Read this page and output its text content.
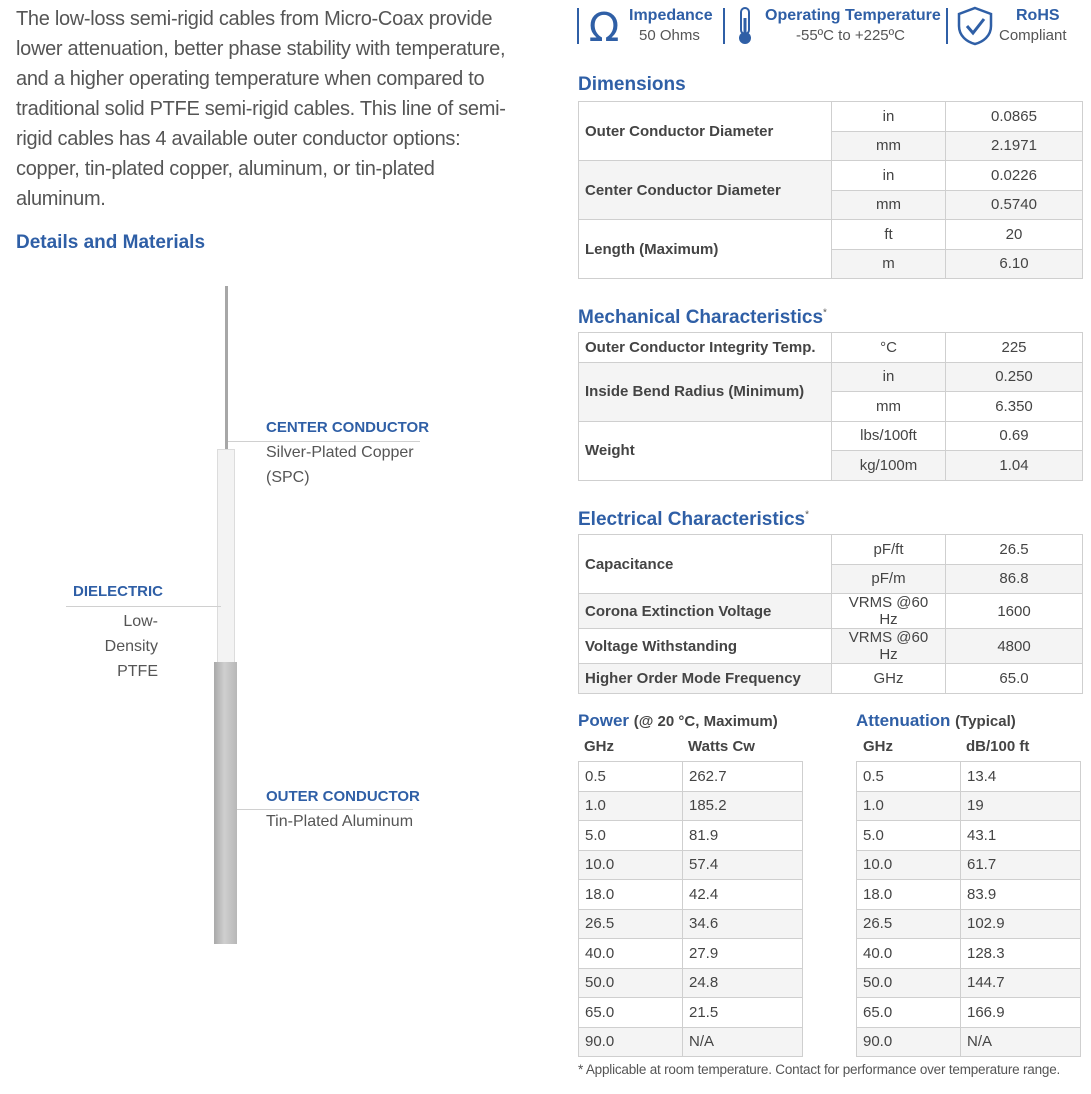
The low-loss semi-rigid cables from Micro-Coax provide lower attenuation, better phase stability with temperature, and a higher operating temperature when compared to traditional solid PTFE semi-rigid cables. This line of semi-rigid cables has 4 available outer conductor options: copper, tin-plated copper, aluminum, or tin-plated aluminum.

Details and Materials
CENTER CONDUCTOR
Silver-Plated Copper
(SPC)
DIELECTRIC
Low-Density
PTFE
OUTER CONDUCTOR
Tin-Plated Aluminum
Ω Impedance
50 Ohms
Operating Temperature
-55ºC to +225ºC
RoHS
Compliant
Dimensions
Outer Conductor Diameter	in	0.0865
	mm	2.1971
Center Conductor Diameter	in	0.0226
	mm	0.5740
Length (Maximum)	ft	20
	m	6.10
Mechanical Characteristics*
Outer Conductor Integrity Temp.	°C	225
Inside Bend Radius (Minimum)	in	0.250
	mm	6.350
Weight	lbs/100ft	0.69
	kg/100m	1.04
Electrical Characteristics*
Capacitance	pF/ft	26.5
	pF/m	86.8
Corona Extinction Voltage	VRMS @60 Hz	1600
Voltage Withstanding	VRMS @60 Hz	4800
Higher Order Mode Frequency	GHz	65.0
Power (@ 20 °C, Maximum)
GHz	Watts Cw
0.5	262.7
1.0	185.2
5.0	81.9
10.0	57.4
18.0	42.4
26.5	34.6
40.0	27.9
50.0	24.8
65.0	21.5
90.0	N/A
Attenuation (Typical)
GHz	dB/100 ft
0.5	13.4
1.0	19
5.0	43.1
10.0	61.7
18.0	83.9
26.5	102.9
40.0	128.3
50.0	144.7
65.0	166.9
90.0	N/A
* Applicable at room temperature. Contact for performance over temperature range.
